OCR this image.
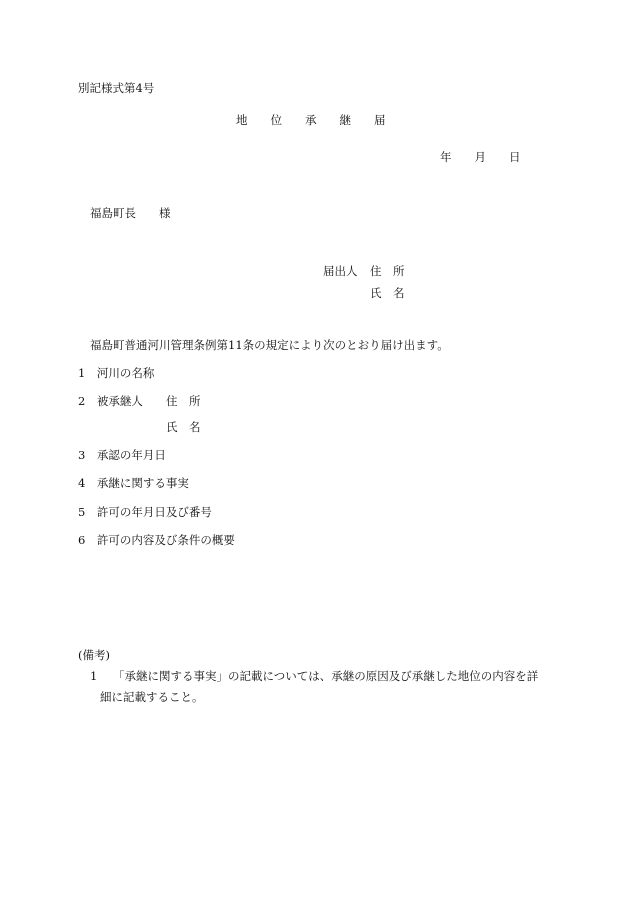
別記様式第4号
地　　位　　承　　継　　届
年　　月　　日
福島町長　　様
届出人 住　所
氏　名
福島町普通河川管理条例第11条の規定により次のとおり届け出ます。
1　河川の名称
2　被承継人 住　所
氏　名
3　承認の年月日
4　承継に関する事実
5　許可の年月日及び番号
6　許可の内容及び条件の概要
(備考)
1 「承継に関する事実」の記載については、承継の原因及び承継した地位の内容を詳
細に記載すること。
